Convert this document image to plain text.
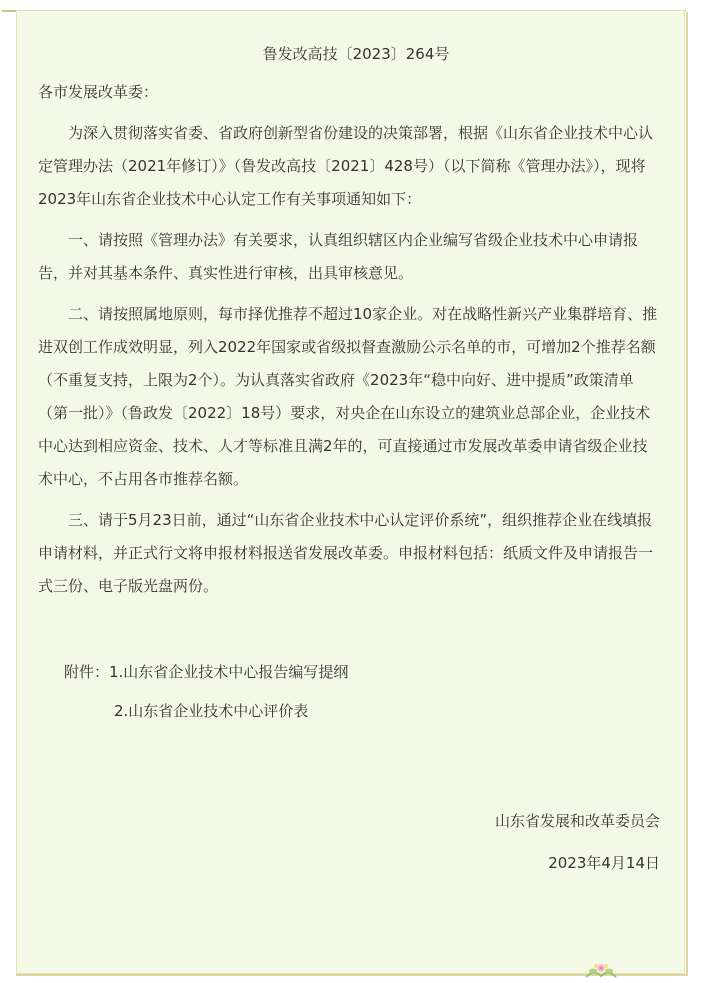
鲁发改高技〔2023〕264号
各市发展改革委：
为深入贯彻落实省委、省政府创新型省份建设的决策部署，根据《山东省企业技术中心认定管理办法（2021年修订）》（鲁发改高技〔2021〕428号）（以下简称《管理办法》），现将2023年山东省企业技术中心认定工作有关事项通知如下：
一、请按照《管理办法》有关要求，认真组织辖区内企业编写省级企业技术中心申请报告，并对其基本条件、真实性进行审核，出具审核意见。
二、请按照属地原则，每市择优推荐不超过10家企业。对在战略性新兴产业集群培育、推进双创工作成效明显，列入2022年国家或省级拟督查激励公示名单的市，可增加2个推荐名额（不重复支持，上限为2个）。为认真落实省政府《2023年“稳中向好、进中提质”政策清单（第一批）》（鲁政发〔2022〕18号）要求，对央企在山东设立的建筑业总部企业，企业技术中心达到相应资金、技术、人才等标准且满2年的，可直接通过市发展改革委申请省级企业技术中心，不占用各市推荐名额。
三、请于5月23日前，通过“山东省企业技术中心认定评价系统”，组织推荐企业在线填报申请材料，并正式行文将申报材料报送省发展改革委。申报材料包括：纸质文件及申请报告一式三份、电子版光盘两份。
附件：1.山东省企业技术中心报告编写提纲
2.山东省企业技术中心评价表
山东省发展和改革委员会
2023年4月14日
